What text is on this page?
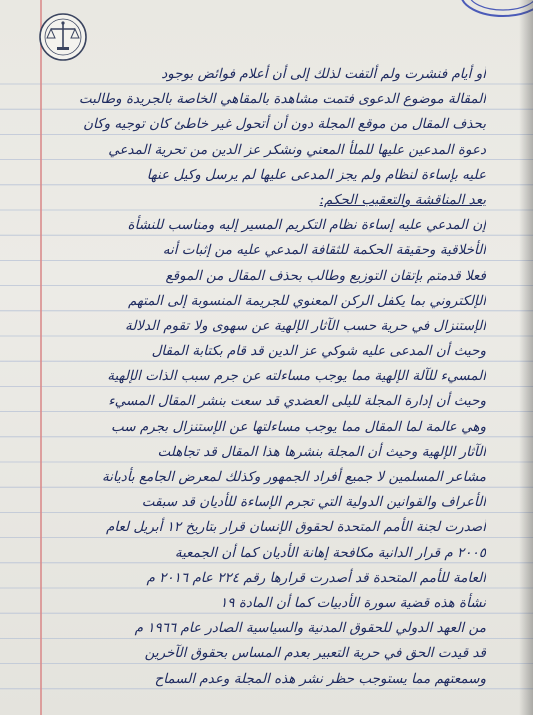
أو أيام فنشرت ولم ألتفت لذلك إلى أن أعلام فوائض بوجود
المقالة موضوع الدعوى فتمت مشاهدة بالمقاهي الخاصة بالجريدة وطالبت
بحذف المقال من موقع المجلة دون أن أتحول غير خاطئ كان توجيه وكان
دعوة المدعين عليها للملأ المعني ونشكر عز الدين من تحرية المدعي
عليه بإساءة لنظام ولم يجز المدعى عليها لم يرسل وكيل عنها
بعد المناقشة والتعقيب الحكم:
إن المدعي عليه إساءة نظام التكريم المسير إليه ومناسب للنشأة
الأخلاقية وحقيقة الحكمة للثقافة المدعي عليه من إثبات أنه
فعلا قدمتم بإتقان التوزيع وطالب بحذف المقال من الموقع
الإلكتروني بما يكفل الركن المعنوي للجريمة المنسوبة إلى المتهم
الإستنزال في حرية حسب الآثار الإلهية عن سهوى ولا تقوم الدلالة
وحيث أن المدعى عليه شوكي عز الدين قد قام بكتابة المقال
المسيء للآلة الإلهية مما يوجب مساءلته عن جرم سبب الذات الإلهية
وحيث أن إدارة المجلة لليلى العضدي قد سعت بنشر المقال المسيء
وهي عالمة لما المقال مما يوجب مساءلتها عن الإستنزال بجرم سب
الآثار الإلهية وحيث أن المجلة بنشرها هذا المقال قد تجاهلت
مشاعر المسلمين لا جميع أفراد الجمهور وكذلك لمعرض الجامع بأديانة
الأعراف والقوانين الدولية التي تجرم الإساءة للأديان قد سبقت
أصدرت لجنة الأمم المتحدة لحقوق الإنسان قرار بتاريخ ١٢ أبريل لعام
٢٠٠٥ م قرار الدانية مكافحة إهانة الأديان كما أن الجمعية
العامة للأمم المتحدة قد أصدرت قرارها رقم ٢٢٤ عام ٢٠١٦ م
نشأة هذه قضية سورة الأدبيات كما أن المادة ١٩
من العهد الدولي للحقوق المدنية والسياسية الصادر عام ١٩٦٦ م
قد قيدت الحق في حرية التعبير بعدم المساس بحقوق الآخرين
وسمعتهم مما يستوجب حظر نشر هذه المجلة وعدم السماح
